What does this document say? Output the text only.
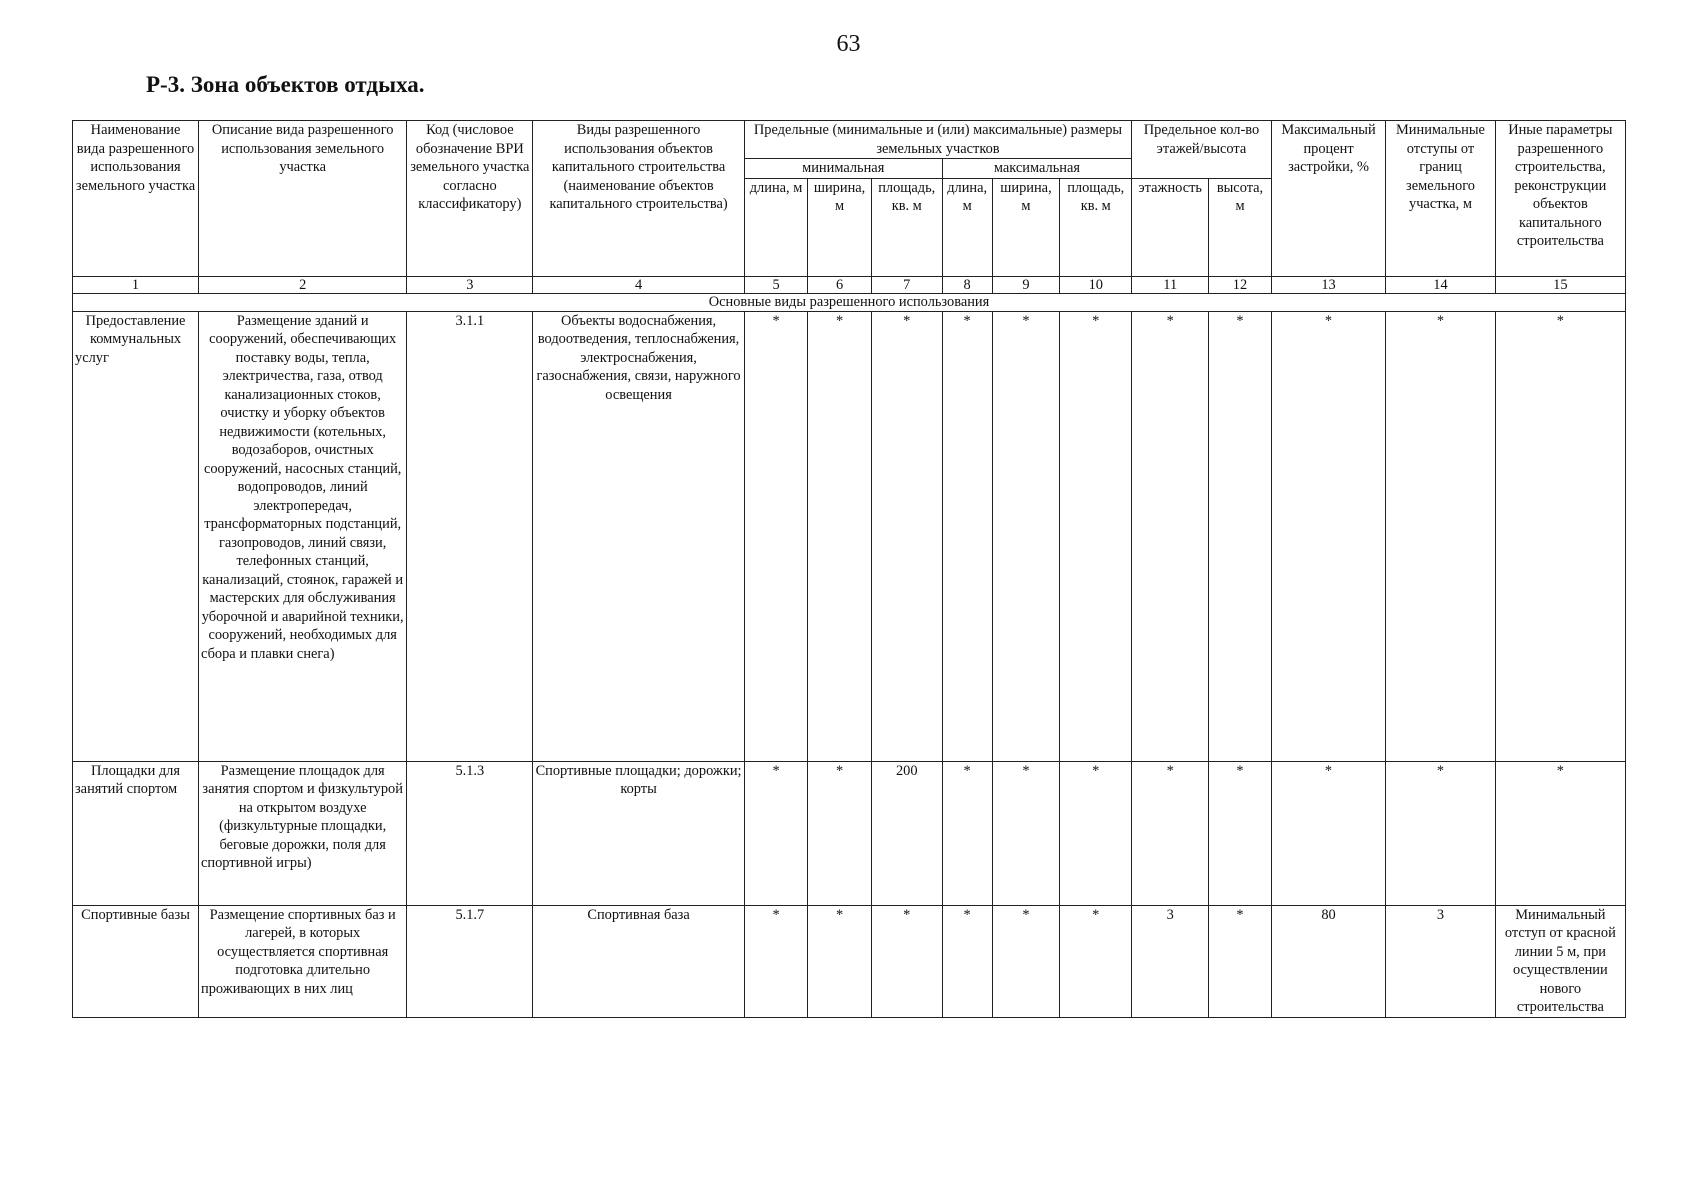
63
Р-3. Зона объектов отдыха.
Наименование вида разрешенного использования земельного участка	Описание вида разрешенного использования земельного участка	Код (числовое обозначение ВРИ земельного участка согласно классификатору)	Виды разрешенного использования объектов капитального строительства (наименование объектов капитального строительства)	Предельные (минимальные и (или) максимальные) размеры земельных участков						Предельное кол-во этажей/высота		Максимальный процент застройки, %	Минимальные отступы от границ земельного участка, м	Иные параметры разрешенного строительства, реконструкции объектов капитального строительства
				минимальная			максимальная							
				длина, м	ширина, м	площадь, кв. м	длина, м	ширина, м	площадь, кв. м	этажность	высота, м			
1	2	3	4	5	6	7	8	9	10	11	12	13	14	15
Основные виды разрешенного использования														
Предоставление коммунальных услуг	Размещение зданий и сооружений, обеспечивающих поставку воды, тепла, электричества, газа, отвод канализационных стоков, очистку и уборку объектов недвижимости (котельных, водозаборов, очистных сооружений, насосных станций, водопроводов, линий электропередач, трансформаторных подстанций, газопроводов, линий связи, телефонных станций, канализаций, стоянок, гаражей и мастерских для обслуживания уборочной и аварийной техники, сооружений, необходимых для сбора и плавки снега)	3.1.1	Объекты водоснабжения, водоотведения, теплоснабжения, электроснабжения, газоснабжения, связи, наружного освещения	*	*	*	*	*	*	*	*	*	*	*
Площадки для занятий спортом	Размещение площадок для занятия спортом и физкультурой на открытом воздухе (физкультурные площадки, беговые дорожки, поля для спортивной игры)	5.1.3	Спортивные площадки; дорожки; корты	*	*	200	*	*	*	*	*	*	*	*
Спортивные базы	Размещение спортивных баз и лагерей, в которых осуществляется спортивная подготовка длительно проживающих в них лиц	5.1.7	Спортивная база	*	*	*	*	*	*	3	*	80	3	Минимальный отступ от красной линии 5 м, при осуществлении нового строительства
